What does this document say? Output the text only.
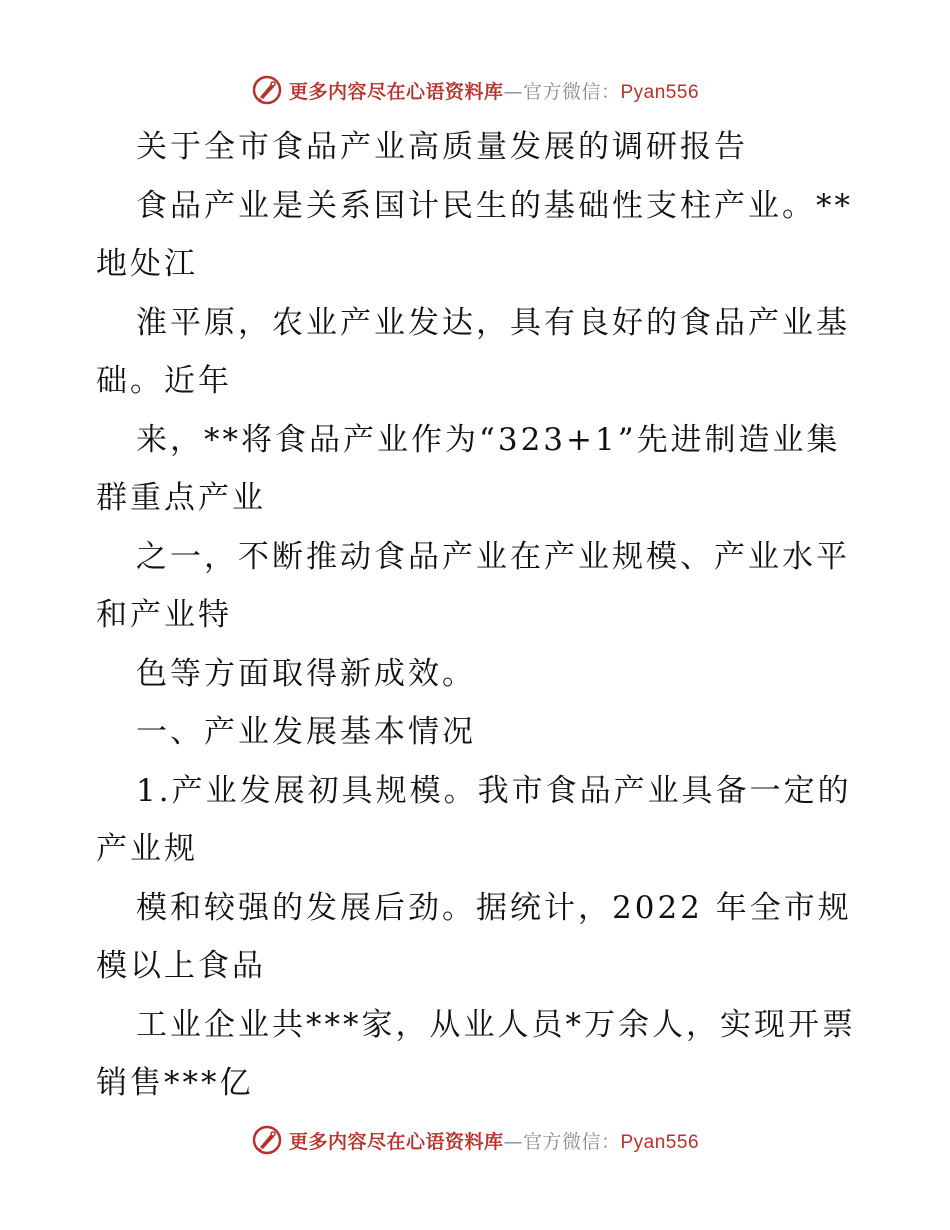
更多内容尽在心语资料库—官方微信：Pyan556
关于全市食品产业高质量发展的调研报告
食品产业是关系国计民生的基础性支柱产业。**
地处江
淮平原，农业产业发达，具有良好的食品产业基
础。近年
来，**将食品产业作为“323+1”先进制造业集
群重点产业
之一，不断推动食品产业在产业规模、产业水平
和产业特
色等方面取得新成效。
一、产业发展基本情况
1.产业发展初具规模。我市食品产业具备一定的
产业规
模和较强的发展后劲。据统计，2022 年全市规
模以上食品
工业企业共***家，从业人员*万余人，实现开票
销售***亿
更多内容尽在心语资料库—官方微信：Pyan556
